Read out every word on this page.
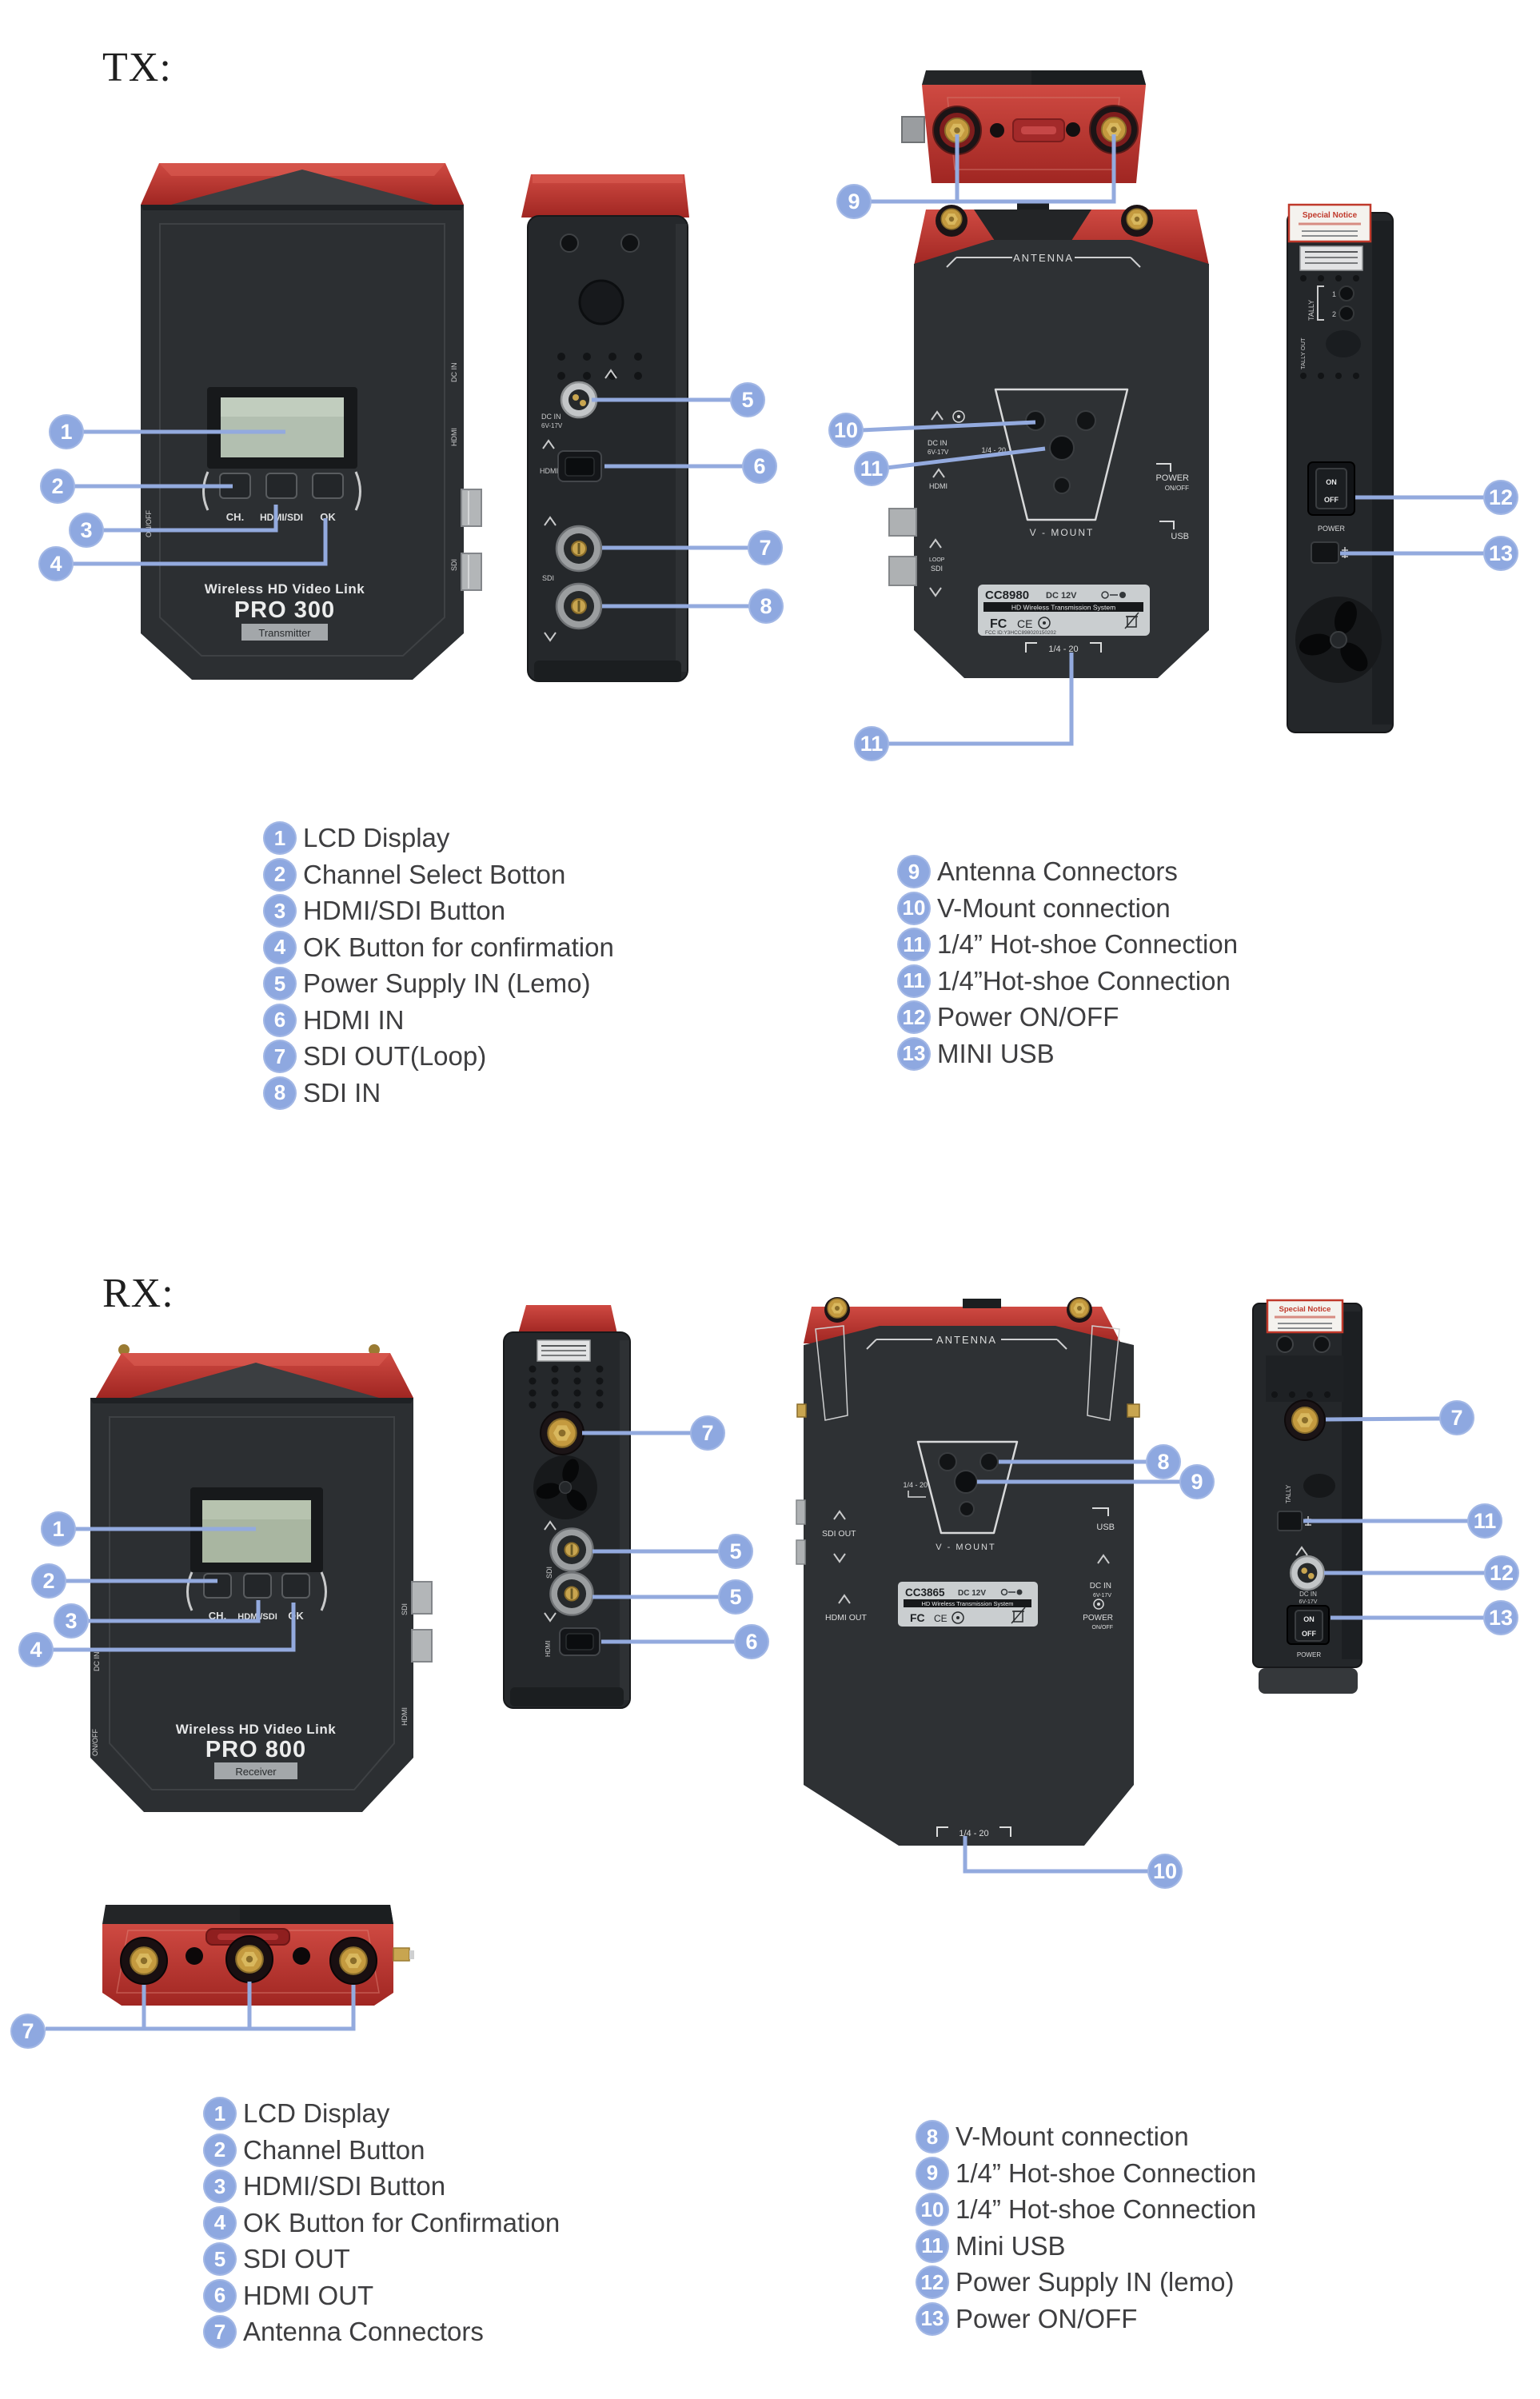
TX:
RX:
CH. HDMI/SDI OK
Wireless HD Video Link
PRO 300
Transmitter
DC IN
HDMI
SDI
ON/OFF
DC IN
6V-17V
HDMI
SDI
ANTENNA
1/4 - 20
V - MOUNT
DC IN
6V-17V
HDMI
LOOP
SDI
POWER
ON/OFF
USB
CC8980 DC 12V
HD Wireless Transmission System
FC CE
FCC ID:Y3HCC898020150202
1/4 - 20
Special Notice
TALLY
1
2
TALLY OUT
ON
OFF
POWER
CH. HDMI/SDI OK
Wireless HD Video Link
PRO 800
Receiver
SDI
HDMI
DC IN
ON/OFF
SDI
HDMI
ANTENNA
1/4 - 20
V - MOUNT
SDI OUT
HDMI OUT
USB
DC IN
6V-17V
POWER
ON/OFF
CC3865 DC 12V
HD Wireless Transmission System
FC CE
1/4 - 20
Special Notice
TALLY
DC IN
6V-17V
ON
OFF
POWER
1
2
3
4
5
6
7
8
9
10
11
11
12
13
1
2
3
4
7
5
5
6
8
9
10
7
11
12
13
7
1 LCD Display
2 Channel Select Botton
3 HDMI/SDI Button
4 OK Button for confirmation
5 Power Supply IN (Lemo)
6 HDMI IN
7 SDI OUT(Loop)
8 SDI IN
9 Antenna Connectors
10 V-Mount connection
11 1/4” Hot-shoe Connection
11 1/4”Hot-shoe Connection
12 Power ON/OFF
13 MINI USB
1 LCD Display
2 Channel Button
3 HDMI/SDI Button
4 OK Button for Confirmation
5 SDI OUT
6 HDMI OUT
7 Antenna Connectors
8 V-Mount connection
9 1/4” Hot-shoe Connection
10 1/4” Hot-shoe Connection
11 Mini USB
12 Power Supply IN (lemo)
13 Power ON/OFF
